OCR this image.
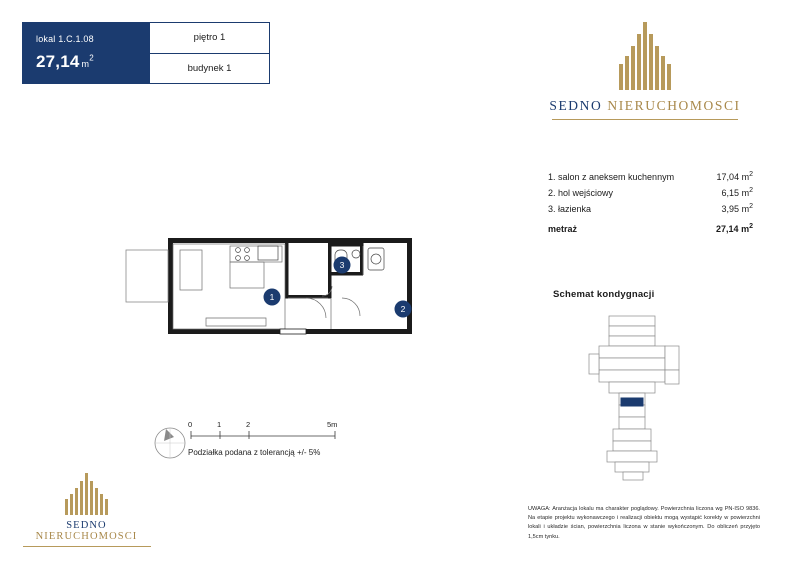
lokal 1.C.1.08
27,14 $m^2$
piętro 1
budynek 1
SEDNO NIERUCHOMOSCI
1. salon z aneksem kuchennym	17,04 $m^2$
2. hol wejściowy	6,15 $m^2$
3. łazienka	3,95 $m^2$
metraż	27,14 $m^2$
Schemat kondygnacji
1
2
3
0	1	2	5m
Podziałka podana z tolerancją +/- 5%
SEDNO NIERUCHOMOSCI
UWAGA: Aranżacja lokalu ma charakter poglądowy. Powierzchnia liczona wg PN-ISO 9836. Na etapie projektu wykonawczego i realizacji obiektu mogą wystąpić korekty w powierzchni lokali i układzie ścian, powierzchnia liczona w stanie wykończonym. Do obliczeń przyjęto 1,5cm tynku.
